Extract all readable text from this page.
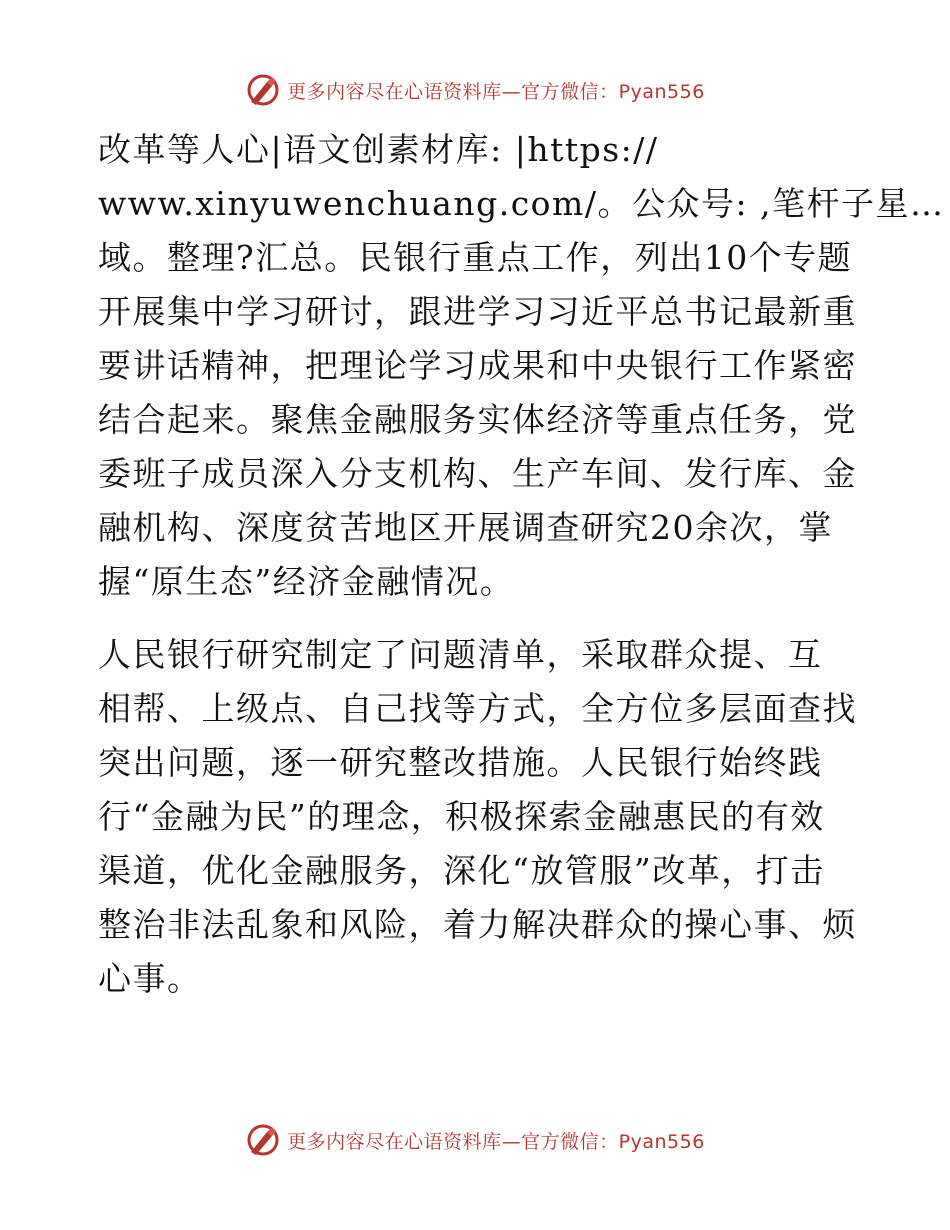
更多内容尽在心语资料库—官方微信：Pyan556
改革等人心|语文创素材库: |https://
www.xinyuwenchuang.com/。公众号: ,笔杆子星…
域。整理?汇总。民银行重点工作，列出10个专题
开展集中学习研讨，跟进学习习近平总书记最新重
要讲话精神，把理论学习成果和中央银行工作紧密
结合起来。聚焦金融服务实体经济等重点任务，党
委班子成员深入分支机构、生产车间、发行库、金
融机构、深度贫苦地区开展调查研究20余次，掌
握“原生态”经济金融情况。
人民银行研究制定了问题清单，采取群众提、互
相帮、上级点、自己找等方式，全方位多层面查找
突出问题，逐一研究整改措施。人民银行始终践
行“金融为民”的理念，积极探索金融惠民的有效
渠道，优化金融服务，深化“放管服”改革，打击
整治非法乱象和风险，着力解决群众的操心事、烦
心事。
更多内容尽在心语资料库—官方微信：Pyan556
